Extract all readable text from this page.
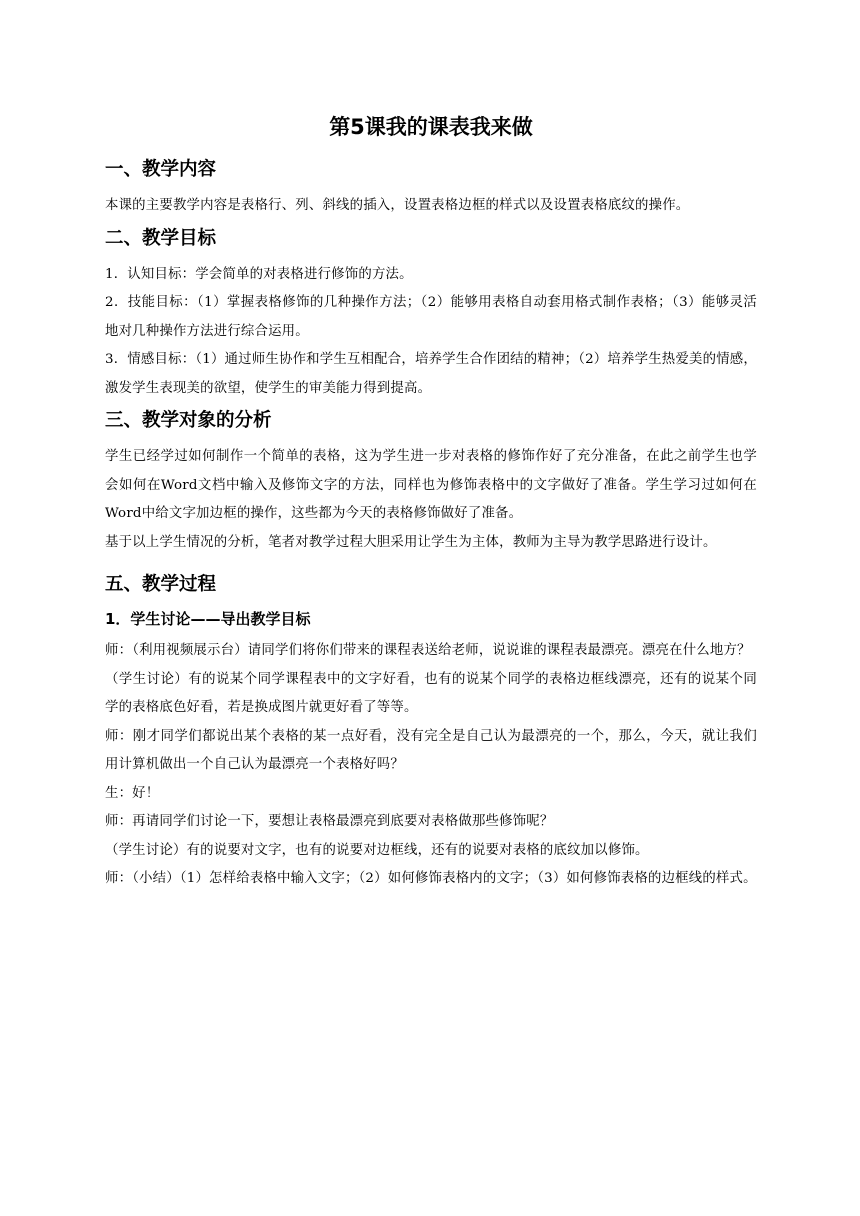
第5课我的课表我来做
一、教学内容

本课的主要教学内容是表格行、列、斜线的插入，设置表格边框的样式以及设置表格底纹的操作。

二、教学目标

1．认知目标：学会简单的对表格进行修饰的方法。

2．技能目标：（1）掌握表格修饰的几种操作方法；（2）能够用表格自动套用格式制作表格；（3）能够灵活地对几种操作方法进行综合运用。

3．情感目标：（1）通过师生协作和学生互相配合，培养学生合作团结的精神；（2）培养学生热爱美的情感，激发学生表现美的欲望，使学生的审美能力得到提高。

三、教学对象的分析

学生已经学过如何制作一个简单的表格，这为学生进一步对表格的修饰作好了充分准备，在此之前学生也学会如何在Word文档中输入及修饰文字的方法，同样也为修饰表格中的文字做好了准备。学生学习过如何在Word中给文字加边框的操作，这些都为今天的表格修饰做好了准备。

基于以上学生情况的分析，笔者对教学过程大胆采用让学生为主体，教师为主导为教学思路进行设计。

五、教学过程
1．学生讨论——导出教学目标

师：（利用视频展示台）请同学们将你们带来的课程表送给老师，说说谁的课程表最漂亮。漂亮在什么地方？

（学生讨论）有的说某个同学课程表中的文字好看，也有的说某个同学的表格边框线漂亮，还有的说某个同学的表格底色好看，若是换成图片就更好看了等等。

师：刚才同学们都说出某个表格的某一点好看，没有完全是自己认为最漂亮的一个，那么，今天，就让我们用计算机做出一个自己认为最漂亮一个表格好吗？

生：好！

师：再请同学们讨论一下，要想让表格最漂亮到底要对表格做那些修饰呢？

（学生讨论）有的说要对文字，也有的说要对边框线，还有的说要对表格的底纹加以修饰。

师：（小结）（1）怎样给表格中输入文字；（2）如何修饰表格内的文字；（3）如何修饰表格的边框线的样式。
